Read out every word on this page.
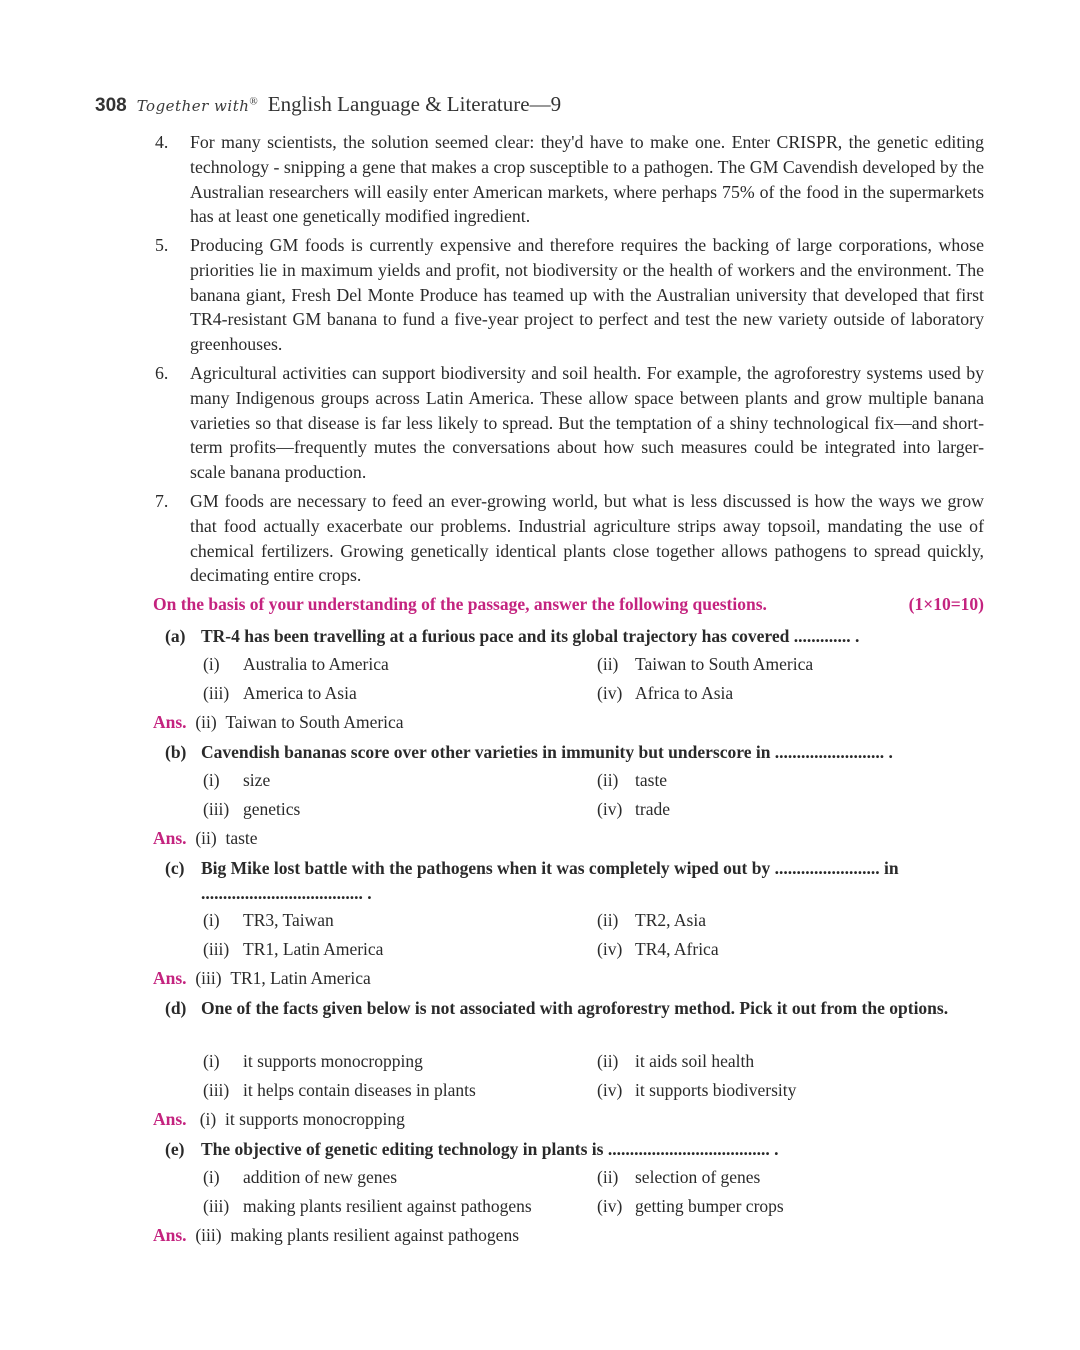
308 Together with® English Language & Literature—9
4. For many scientists, the solution seemed clear: they'd have to make one. Enter CRISPR, the genetic editing technology - snipping a gene that makes a crop susceptible to a pathogen. The GM Cavendish developed by the Australian researchers will easily enter American markets, where perhaps 75% of the food in the supermarkets has at least one genetically modified ingredient.
5. Producing GM foods is currently expensive and therefore requires the backing of large corporations, whose priorities lie in maximum yields and profit, not biodiversity or the health of workers and the environment. The banana giant, Fresh Del Monte Produce has teamed up with the Australian university that developed that first TR4-resistant GM banana to fund a five-year project to perfect and test the new variety outside of laboratory greenhouses.
6. Agricultural activities can support biodiversity and soil health. For example, the agroforestry systems used by many Indigenous groups across Latin America. These allow space between plants and grow multiple banana varieties so that disease is far less likely to spread. But the temptation of a shiny technological fix—and short-term profits—frequently mutes the conversations about how such measures could be integrated into larger-scale banana production.
7. GM foods are necessary to feed an ever-growing world, but what is less discussed is how the ways we grow that food actually exacerbate our problems. Industrial agriculture strips away topsoil, mandating the use of chemical fertilizers. Growing genetically identical plants close together allows pathogens to spread quickly, decimating entire crops.
On the basis of your understanding of the passage, answer the following questions.	(1×10=10)
(a) TR-4 has been travelling at a furious pace and its global trajectory has covered ............. .
(i) Australia to America	(ii) Taiwan to South America
(iii) America to Asia	(iv) Africa to Asia
Ans. (ii) Taiwan to South America
(b) Cavendish bananas score over other varieties in immunity but underscore in ......................... .
(i) size	(ii) taste
(iii) genetics	(iv) trade
Ans. (ii) taste
(c) Big Mike lost battle with the pathogens when it was completely wiped out by ........................ in ..................................... .
(i) TR3, Taiwan	(ii) TR2, Asia
(iii) TR1, Latin America	(iv) TR4, Africa
Ans. (iii) TR1, Latin America
(d) One of the facts given below is not associated with agroforestry method. Pick it out from the options.
(i) it supports monocropping	(ii) it aids soil health
(iii) it helps contain diseases in plants	(iv) it supports biodiversity
Ans. (i) it supports monocropping
(e) The objective of genetic editing technology in plants is ..................................... .
(i) addition of new genes	(ii) selection of genes
(iii) making plants resilient against pathogens	(iv) getting bumper crops
Ans. (iii) making plants resilient against pathogens
